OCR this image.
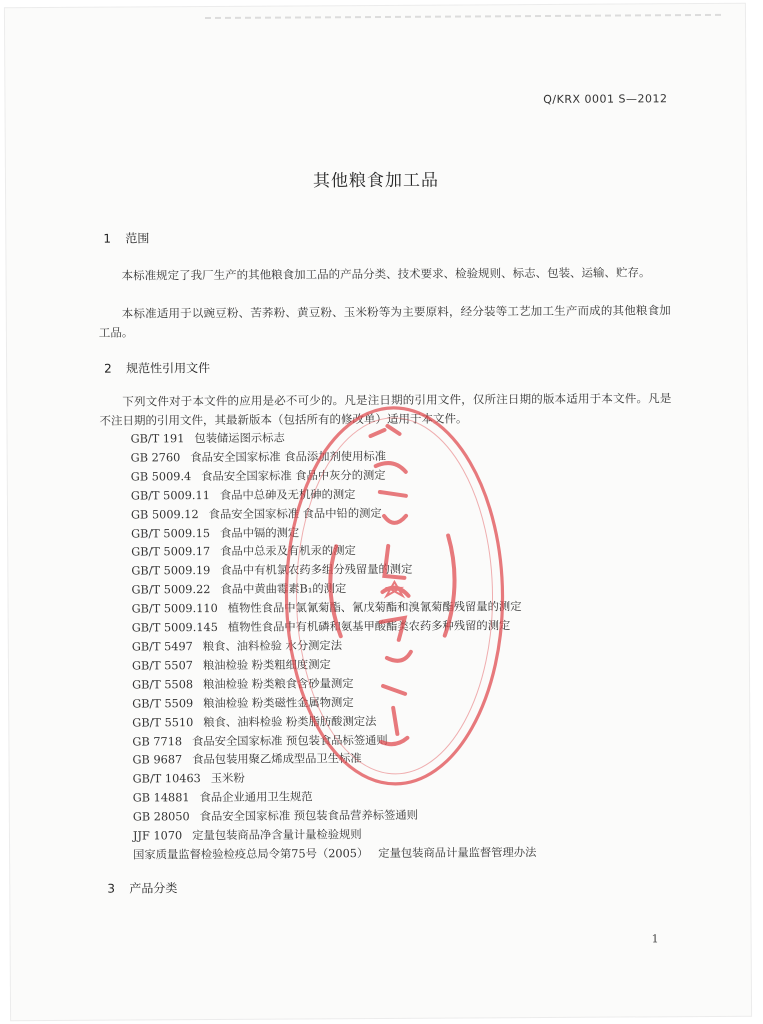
Q/KRX 0001 S—2012
其他粮食加工品
1 范围
本标准规定了我厂生产的其他粮食加工品的产品分类、技术要求、检验规则、标志、包装、运输、贮存。
本标准适用于以豌豆粉、苦荞粉、黄豆粉、玉米粉等为主要原料，经分装等工艺加工生产而成的其他粮食加工品。
2 规范性引用文件
下列文件对于本文件的应用是必不可少的。凡是注日期的引用文件，仅所注日期的版本适用于本文件。凡是不注日期的引用文件，其最新版本（包括所有的修改单）适用于本文件。
GB/T 191 包装储运图示标志
GB 2760 食品安全国家标准 食品添加剂使用标准
GB 5009.4 食品安全国家标准 食品中灰分的测定
GB/T 5009.11 食品中总砷及无机砷的测定
GB 5009.12 食品安全国家标准 食品中铅的测定
GB/T 5009.15 食品中镉的测定
GB/T 5009.17 食品中总汞及有机汞的测定
GB/T 5009.19 食品中有机氯农药多组分残留量的测定
GB/T 5009.22 食品中黄曲霉素B₁的测定
GB/T 5009.110 植物性食品中氯氰菊酯、氰戊菊酯和溴氰菊酯残留量的测定
GB/T 5009.145 植物性食品中有机磷和氨基甲酸酯类农药多种残留的测定
GB/T 5497 粮食、油料检验 水分测定法
GB/T 5507 粮油检验 粉类粗细度测定
GB/T 5508 粮油检验 粉类粮食含砂量测定
GB/T 5509 粮油检验 粉类磁性金属物测定
GB/T 5510 粮食、油料检验 粉类脂肪酸测定法
GB 7718 食品安全国家标准 预包装食品标签通则
GB 9687 食品包装用聚乙烯成型品卫生标准
GB/T 10463 玉米粉
GB 14881 食品企业通用卫生规范
GB 28050 食品安全国家标准 预包装食品营养标签通则
JJF 1070 定量包装商品净含量计量检验规则
国家质量监督检验检疫总局令第75号（2005） 定量包装商品计量监督管理办法
3 产品分类
1
